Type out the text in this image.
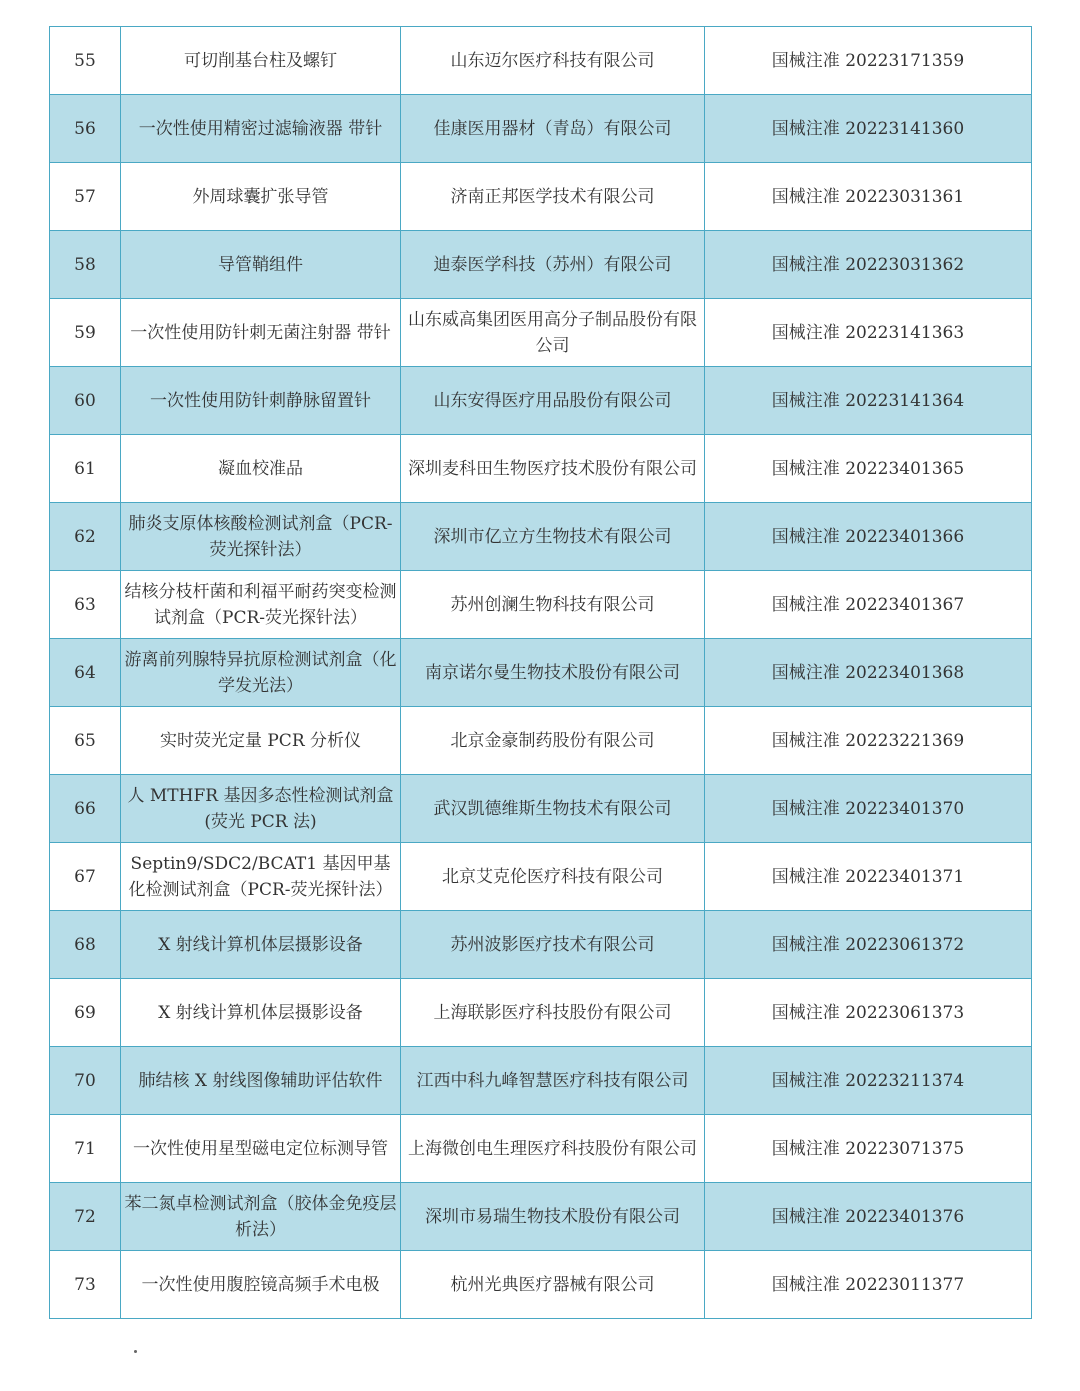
55	可切削基台柱及螺钉	山东迈尔医疗科技有限公司	国械注准 20223171359
56	一次性使用精密过滤输液器 带针	佳康医用器材（青岛）有限公司	国械注准 20223141360
57	外周球囊扩张导管	济南正邦医学技术有限公司	国械注准 20223031361
58	导管鞘组件	迪泰医学科技（苏州）有限公司	国械注准 20223031362
59	一次性使用防针刺无菌注射器 带针	山东威高集团医用高分子制品股份有限公司	国械注准 20223141363
60	一次性使用防针刺静脉留置针	山东安得医疗用品股份有限公司	国械注准 20223141364
61	凝血校准品	深圳麦科田生物医疗技术股份有限公司	国械注准 20223401365
62	肺炎支原体核酸检测试剂盒（PCR-荧光探针法）	深圳市亿立方生物技术有限公司	国械注准 20223401366
63	结核分枝杆菌和利福平耐药突变检测试剂盒（PCR-荧光探针法）	苏州创澜生物科技有限公司	国械注准 20223401367
64	游离前列腺特异抗原检测试剂盒（化学发光法）	南京诺尔曼生物技术股份有限公司	国械注准 20223401368
65	实时荧光定量 PCR 分析仪	北京金豪制药股份有限公司	国械注准 20223221369
66	人 MTHFR 基因多态性检测试剂盒(荧光 PCR 法)	武汉凯德维斯生物技术有限公司	国械注准 20223401370
67	Septin9/SDC2/BCAT1 基因甲基化检测试剂盒（PCR-荧光探针法）	北京艾克伦医疗科技有限公司	国械注准 20223401371
68	X 射线计算机体层摄影设备	苏州波影医疗技术有限公司	国械注准 20223061372
69	X 射线计算机体层摄影设备	上海联影医疗科技股份有限公司	国械注准 20223061373
70	肺结核 X 射线图像辅助评估软件	江西中科九峰智慧医疗科技有限公司	国械注准 20223211374
71	一次性使用星型磁电定位标测导管	上海微创电生理医疗科技股份有限公司	国械注准 20223071375
72	苯二氮卓检测试剂盒（胶体金免疫层析法）	深圳市易瑞生物技术股份有限公司	国械注准 20223401376
73	一次性使用腹腔镜高频手术电极	杭州光典医疗器械有限公司	国械注准 20223011377
